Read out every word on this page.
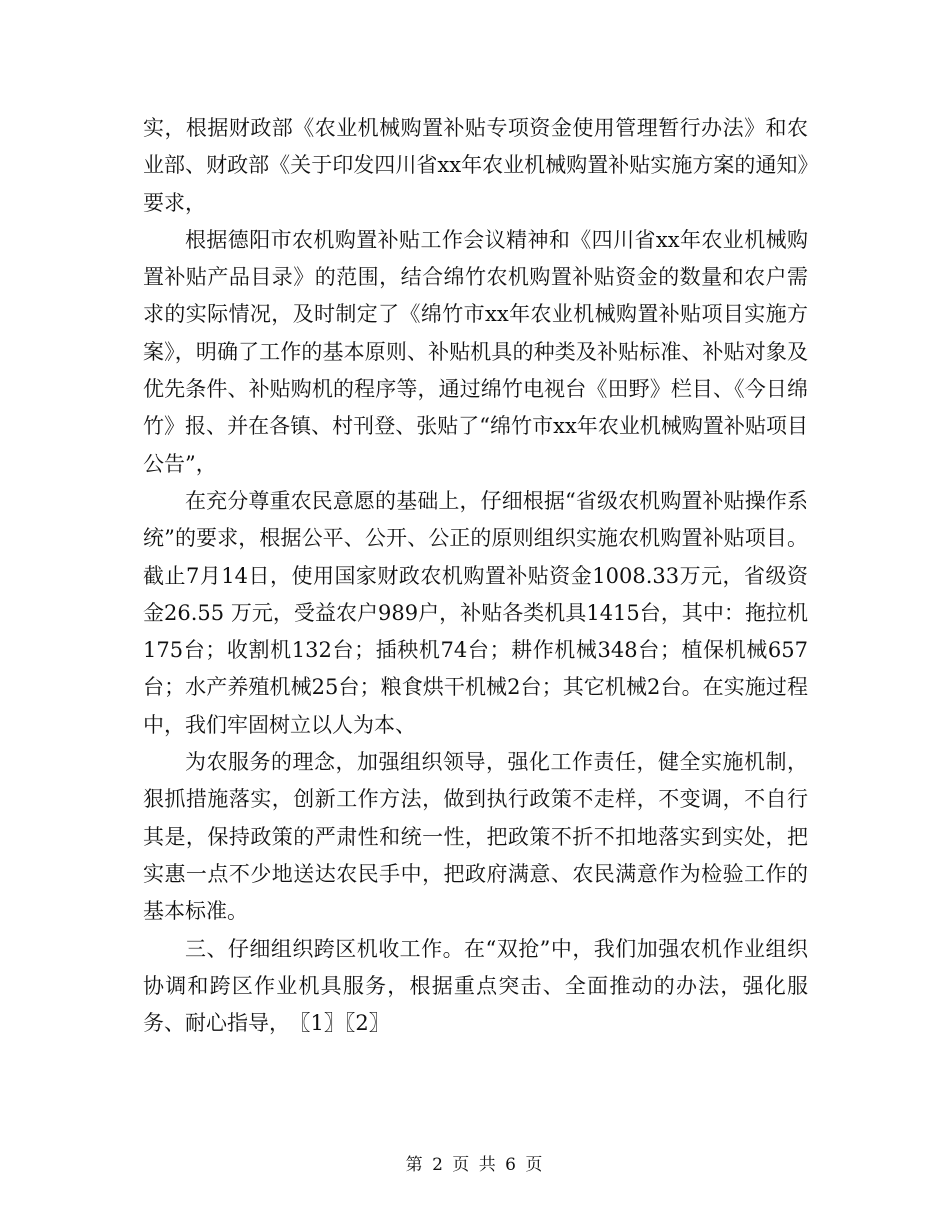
实，根据财政部《农业机械购置补贴专项资金使用管理暂行办法》和农业部、财政部《关于印发四川省xx年农业机械购置补贴实施方案的通知》要求，

根据德阳市农机购置补贴工作会议精神和《四川省xx年农业机械购置补贴产品目录》的范围，结合绵竹农机购置补贴资金的数量和农户需求的实际情况，及时制定了《绵竹市xx年农业机械购置补贴项目实施方案》，明确了工作的基本原则、补贴机具的种类及补贴标准、补贴对象及优先条件、补贴购机的程序等，通过绵竹电视台《田野》栏目、《今日绵竹》报、并在各镇、村刊登、张贴了“绵竹市xx年农业机械购置补贴项目公告”，

在充分尊重农民意愿的基础上，仔细根据“省级农机购置补贴操作系统”的要求，根据公平、公开、公正的原则组织实施农机购置补贴项目。截止7月14日，使用国家财政农机购置补贴资金1008.33万元，省级资金26.55 万元，受益农户989户，补贴各类机具1415台，其中：拖拉机175台；收割机132台；插秧机74台；耕作机械348台；植保机械657台；水产养殖机械25台；粮食烘干机械2台；其它机械2台。在实施过程中，我们牢固树立以人为本、

为农服务的理念，加强组织领导，强化工作责任，健全实施机制，狠抓措施落实，创新工作方法，做到执行政策不走样，不变调，不自行其是，保持政策的严肃性和统一性，把政策不折不扣地落实到实处，把实惠一点不少地送达农民手中，把政府满意、农民满意作为检验工作的基本标准。

三、仔细组织跨区机收工作。在“双抢”中，我们加强农机作业组织协调和跨区作业机具服务，根据重点突击、全面推动的办法，强化服务、耐心指导， 〖1〗〖2〗

第 2 页 共 6 页
